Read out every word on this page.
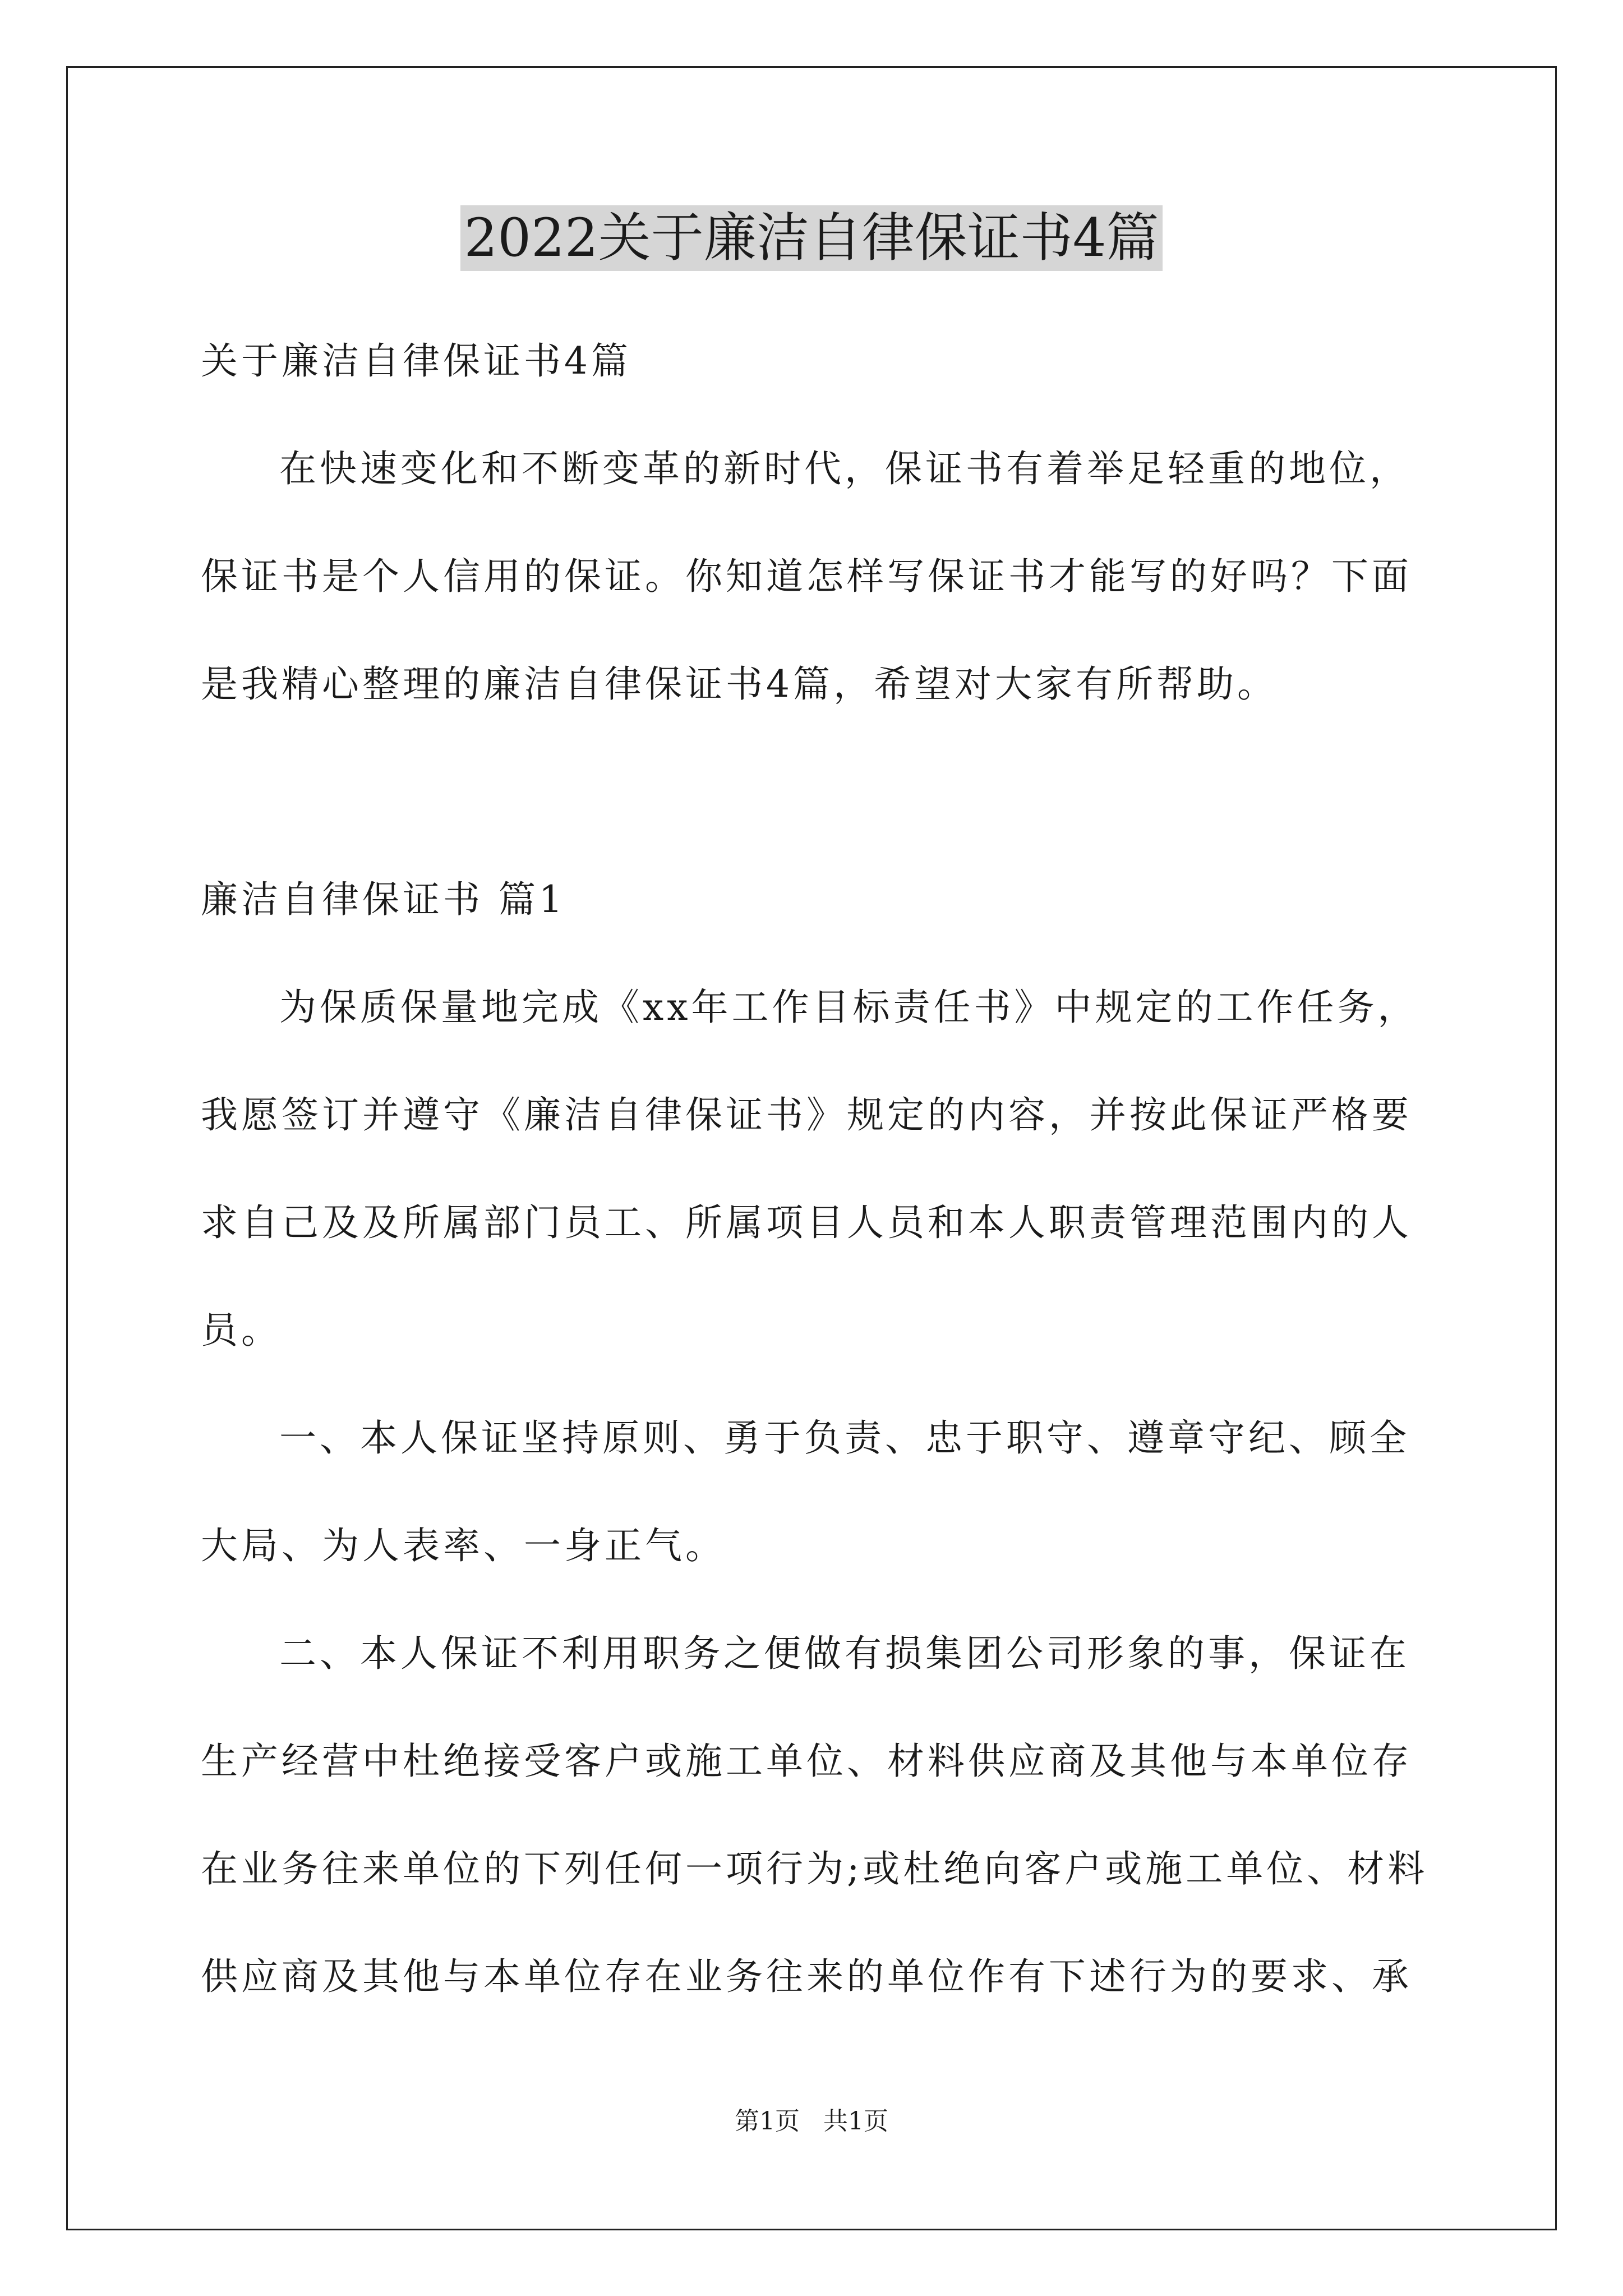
2022关于廉洁自律保证书4篇

关于廉洁自律保证书4篇

在快速变化和不断变革的新时代，保证书有着举足轻重的地位，

保证书是个人信用的保证。你知道怎样写保证书才能写的好吗？下面

是我精心整理的廉洁自律保证书4篇，希望对大家有所帮助。

廉洁自律保证书 篇1

为保质保量地完成《xx年工作目标责任书》中规定的工作任务，

我愿签订并遵守《廉洁自律保证书》规定的内容，并按此保证严格要

求自己及及所属部门员工、所属项目人员和本人职责管理范围内的人

员。

一、本人保证坚持原则、勇于负责、忠于职守、遵章守纪、顾全

大局、为人表率、一身正气。

二、本人保证不利用职务之便做有损集团公司形象的事，保证在

生产经营中杜绝接受客户或施工单位、材料供应商及其他与本单位存

在业务往来单位的下列任何一项行为;或杜绝向客户或施工单位、材料

供应商及其他与本单位存在业务往来的单位作有下述行为的要求、承

第1页   共1页
